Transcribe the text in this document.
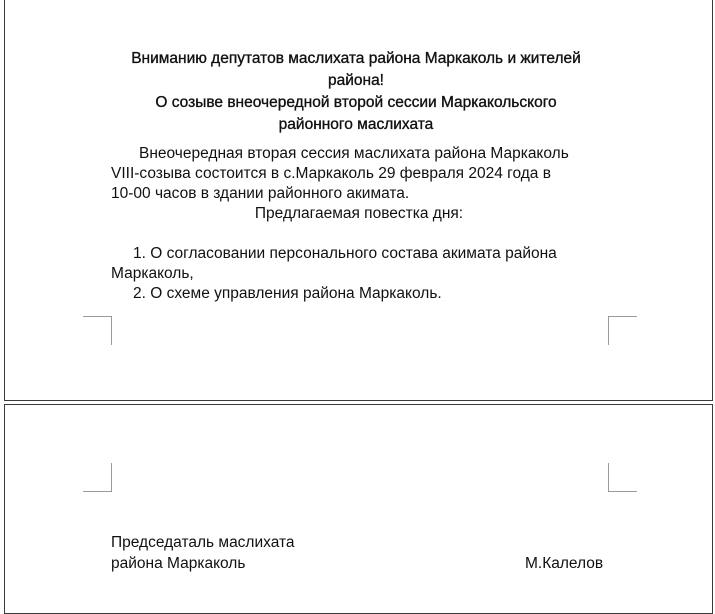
Вниманию депутатов маслихата района Маркаколь и жителей

района!

О созыве внеочередной второй сессии Маркакольского

районного маслихата

Внеочередная вторая сессия маслихата района Маркаколь

VIII-созыва состоится в с.Маркаколь 29 февраля 2024 года в

10-00 часов в здании районного акимата.

Предлагаемая повестка дня:

1. О согласовании персонального состава акимата района

Маркаколь,

2. О схеме управления района Маркаколь.

Председаталь маслихата

района Маркаколь	М.Калелов
